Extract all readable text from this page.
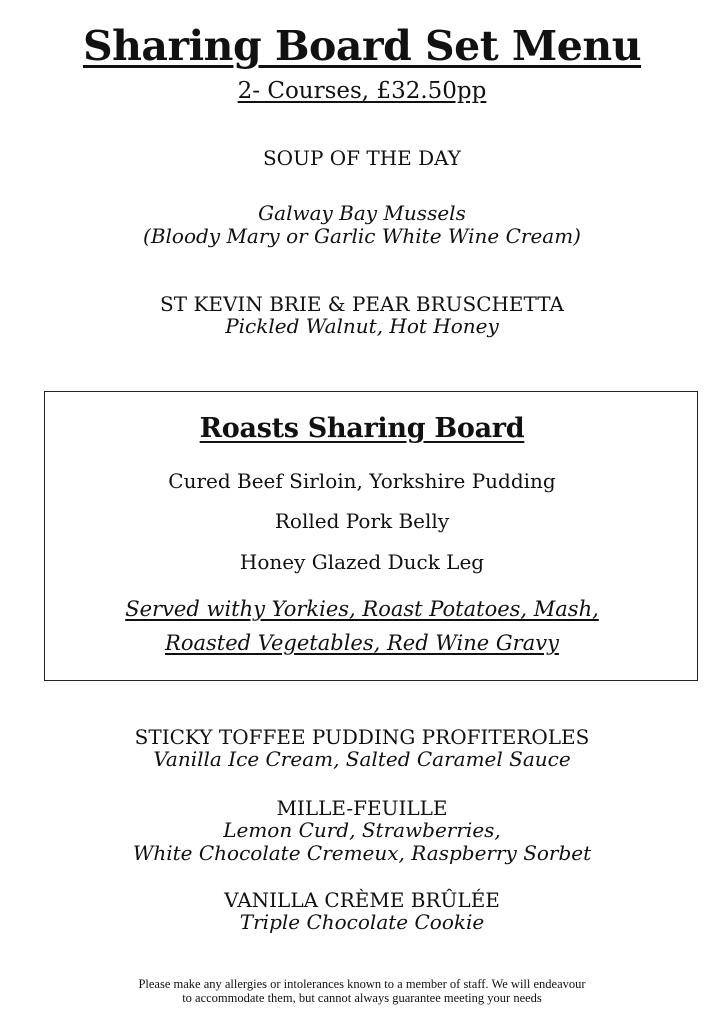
Sharing Board Set Menu
2- Courses, £32.50pp
SOUP OF THE DAY
Galway Bay Mussels
(Bloody Mary or Garlic White Wine Cream)
ST KEVIN BRIE & PEAR BRUSCHETTA
Pickled Walnut, Hot Honey
Roasts Sharing Board
Cured Beef Sirloin, Yorkshire Pudding
Rolled Pork Belly
Honey Glazed Duck Leg
Served withy Yorkies, Roast Potatoes, Mash,
Roasted Vegetables, Red Wine Gravy
STICKY TOFFEE PUDDING PROFITEROLES
Vanilla Ice Cream, Salted Caramel Sauce
MILLE-FEUILLE
Lemon Curd, Strawberries,
White Chocolate Cremeux, Raspberry Sorbet
VANILLA CRÈME BRÛLÉE
Triple Chocolate Cookie
Please make any allergies or intolerances known to a member of staff. We will endeavour
to accommodate them, but cannot always guarantee meeting your needs
